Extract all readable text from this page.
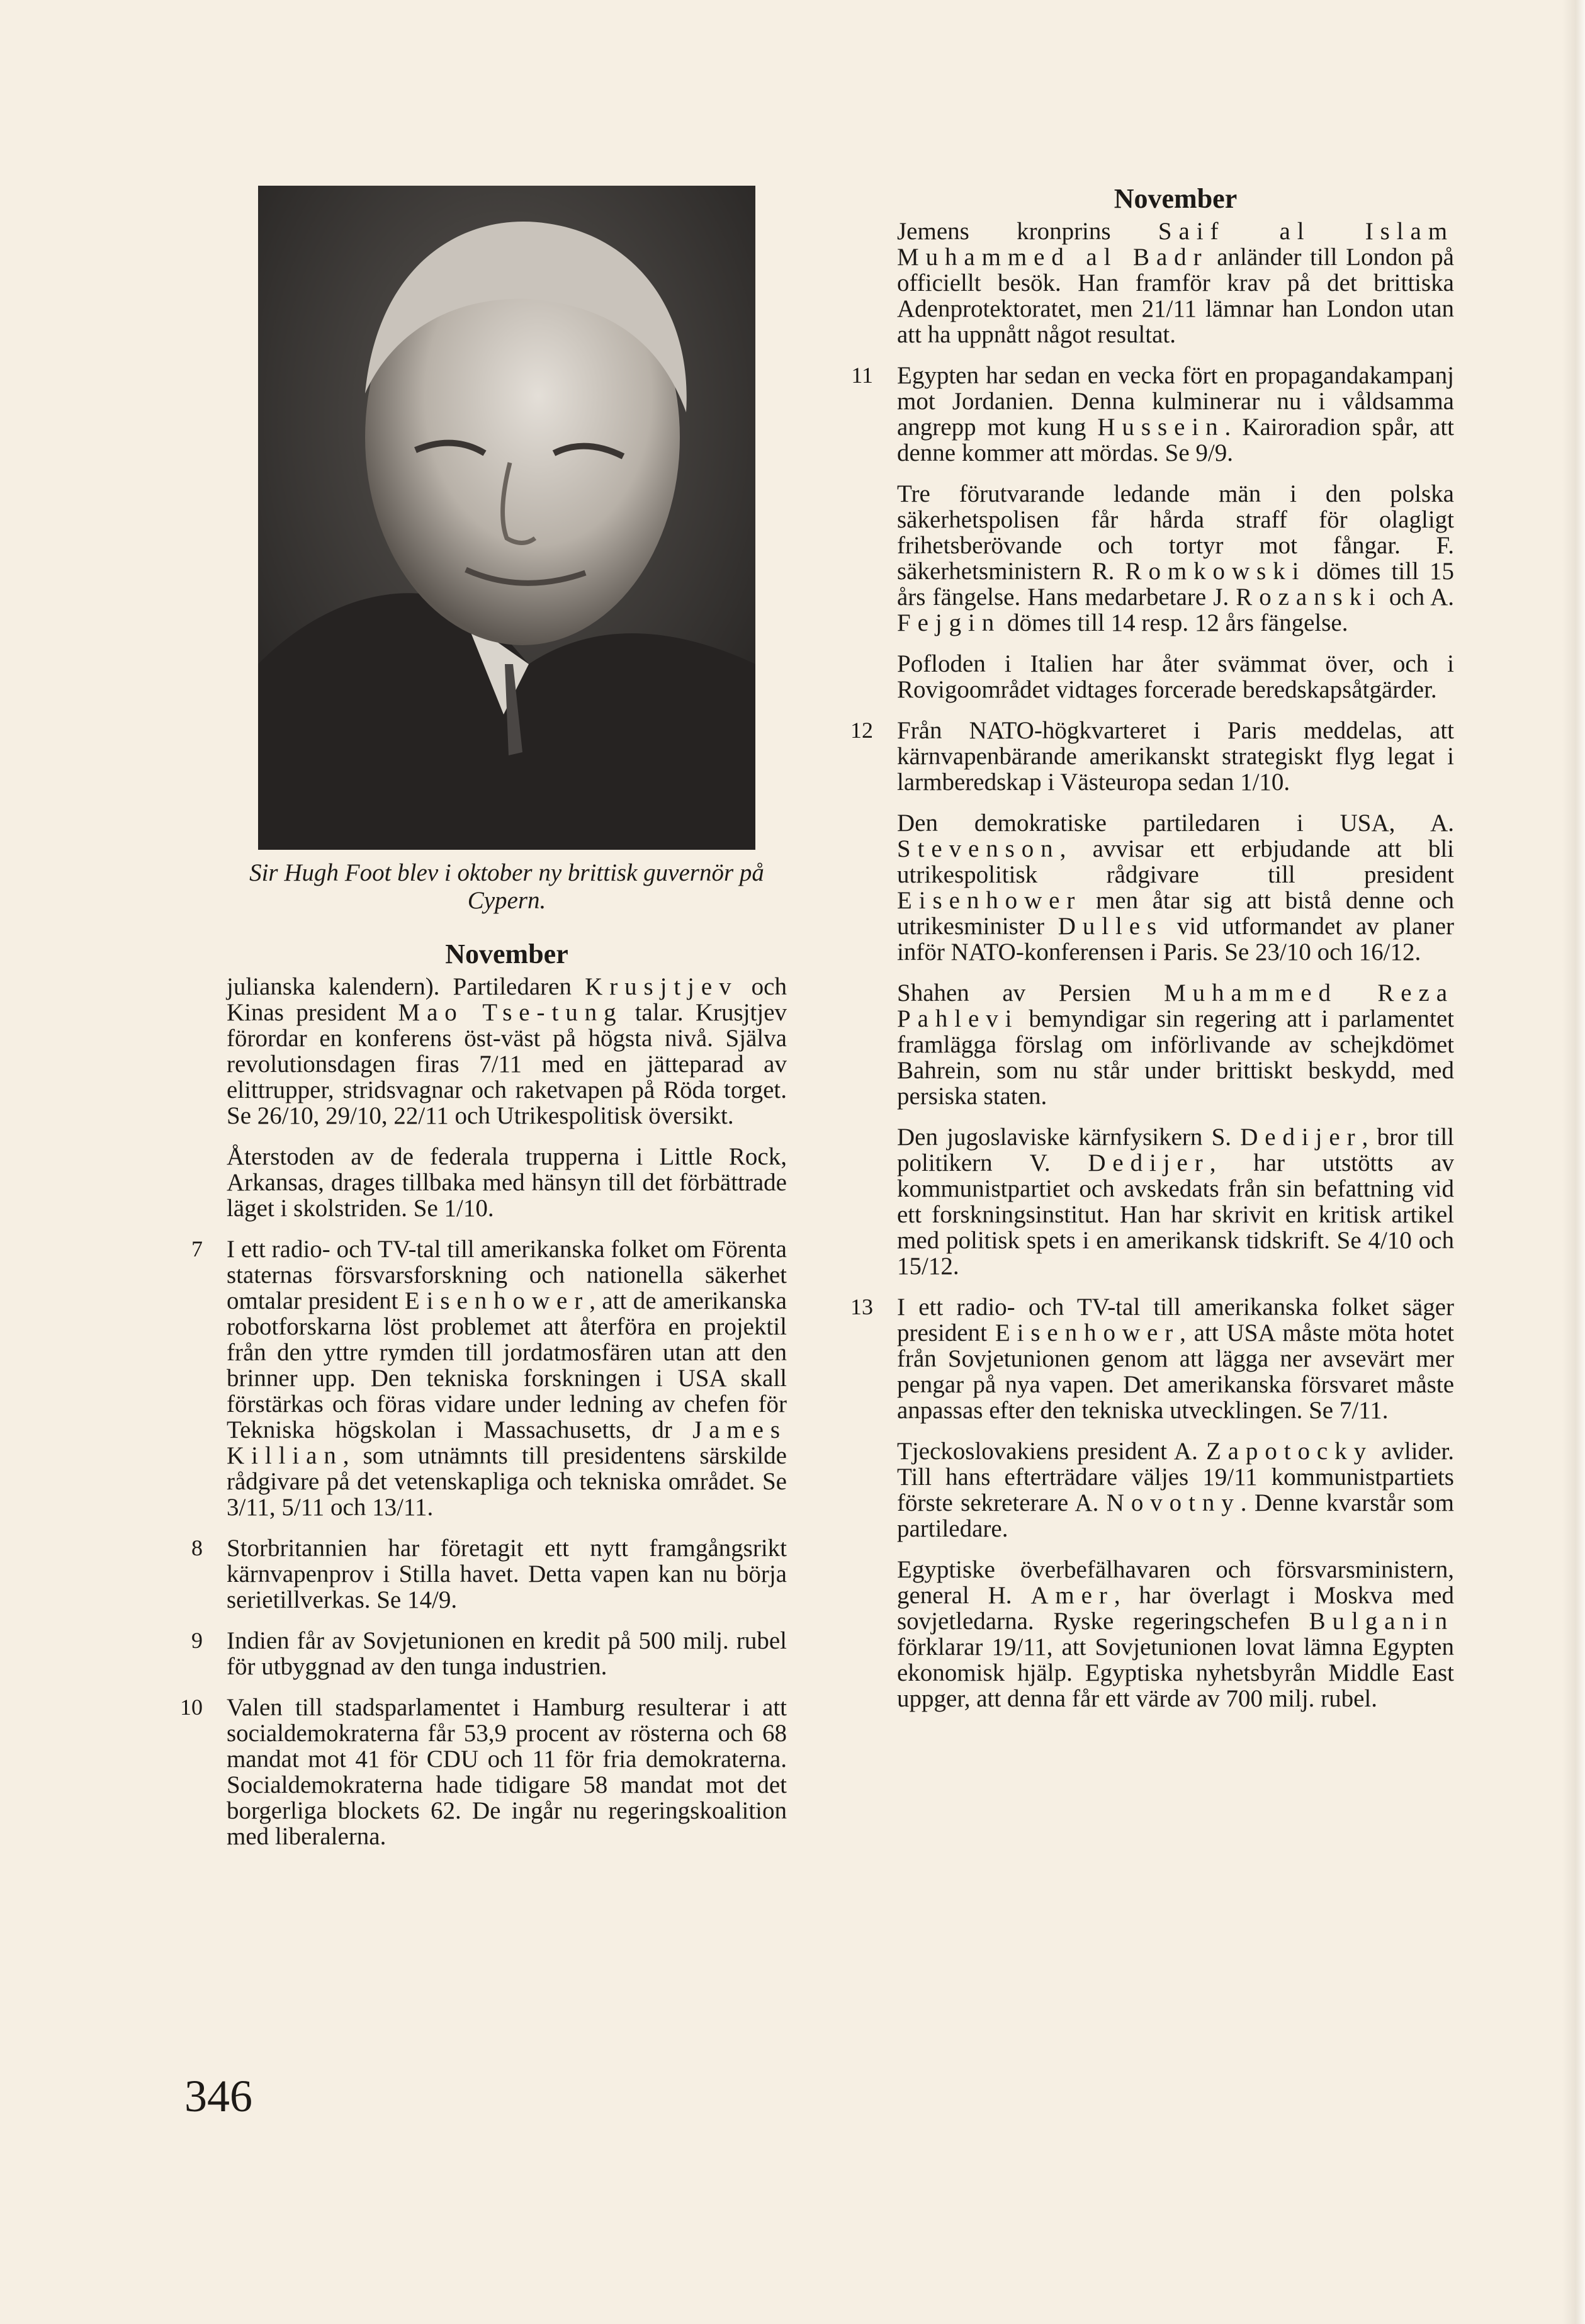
Sir Hugh Foot blev i oktober ny brittisk guvernör på Cypern.
November

julianska kalendern). Partiledaren Krusjtjev och Kinas president Mao Tse-tung talar. Krusjtjev förordar en konferens öst-väst på högsta nivå. Själva revolutionsdagen firas 7/11 med en jätteparad av elittrupper, stridsvagnar och raketvapen på Röda torget. Se 26/10, 29/10, 22/11 och Utrikespolitisk översikt.

Återstoden av de federala trupperna i Little Rock, Arkansas, drages tillbaka med hänsyn till det förbättrade läget i skolstriden. Se 1/10.

7 I ett radio- och TV-tal till amerikanska folket om Förenta staternas försvarsforskning och nationella säkerhet omtalar president Eisenhower, att de amerikanska robotforskarna löst problemet att återföra en projektil från den yttre rymden till jordatmosfären utan att den brinner upp. Den tekniska forskningen i USA skall förstärkas och föras vidare under ledning av chefen för Tekniska högskolan i Massachusetts, dr James Killian, som utnämnts till presidentens särskilde rådgivare på det vetenskapliga och tekniska området. Se 3/11, 5/11 och 13/11.

8 Storbritannien har företagit ett nytt framgångsrikt kärnvapenprov i Stilla havet. Detta vapen kan nu börja serietillverkas. Se 14/9.

9 Indien får av Sovjetunionen en kredit på 500 milj. rubel för utbyggnad av den tunga industrien.

10 Valen till stadsparlamentet i Hamburg resulterar i att socialdemokraterna får 53,9 procent av rösterna och 68 mandat mot 41 för CDU och 11 för fria demokraterna. Socialdemokraterna hade tidigare 58 mandat mot det borgerliga blockets 62. De ingår nu regeringskoalition med liberalerna.

November

Jemens kronprins Saif al Islam Muhammed al Badr anländer till London på officiellt besök. Han framför krav på det brittiska Adenprotektoratet, men 21/11 lämnar han London utan att ha uppnått något resultat.

11 Egypten har sedan en vecka fört en propagandakampanj mot Jordanien. Denna kulminerar nu i våldsamma angrepp mot kung Hussein. Kairoradion spår, att denne kommer att mördas. Se 9/9.

Tre förutvarande ledande män i den polska säkerhetspolisen får hårda straff för olagligt frihetsberövande och tortyr mot fångar. F. säkerhetsministern R. Romkowski dömes till 15 års fängelse. Hans medarbetare J. Rozanski och A. Fejgin dömes till 14 resp. 12 års fängelse.

Pofloden i Italien har åter svämmat över, och i Rovigoområdet vidtages forcerade beredskapsåtgärder.

12 Från NATO-högkvarteret i Paris meddelas, att kärnvapenbärande amerikanskt strategiskt flyg legat i larmberedskap i Västeuropa sedan 1/10.

Den demokratiske partiledaren i USA, A. Stevenson, avvisar ett erbjudande att bli utrikespolitisk rådgivare till president Eisenhower men åtar sig att bistå denne och utrikesminister Dulles vid utformandet av planer inför NATO-konferensen i Paris. Se 23/10 och 16/12.

Shahen av Persien Muhammed Reza Pahlevi bemyndigar sin regering att i parlamentet framlägga förslag om införlivande av schejkdömet Bahrein, som nu står under brittiskt beskydd, med persiska staten.

Den jugoslaviske kärnfysikern S. Dedijer, bror till politikern V. Dedijer, har utstötts av kommunistpartiet och avskedats från sin befattning vid ett forskningsinstitut. Han har skrivit en kritisk artikel med politisk spets i en amerikansk tidskrift. Se 4/10 och 15/12.

13 I ett radio- och TV-tal till amerikanska folket säger president Eisenhower, att USA måste möta hotet från Sovjetunionen genom att lägga ner avsevärt mer pengar på nya vapen. Det amerikanska försvaret måste anpassas efter den tekniska utvecklingen. Se 7/11.

Tjeckoslovakiens president A. Zapotocky avlider. Till hans efterträdare väljes 19/11 kommunistpartiets förste sekreterare A. Novotny. Denne kvarstår som partiledare.

Egyptiske överbefälhavaren och försvarsministern, general H. Amer, har överlagt i Moskva med sovjetledarna. Ryske regeringschefen Bulganin förklarar 19/11, att Sovjetunionen lovat lämna Egypten ekonomisk hjälp. Egyptiska nyhetsbyrån Middle East uppger, att denna får ett värde av 700 milj. rubel.

346
